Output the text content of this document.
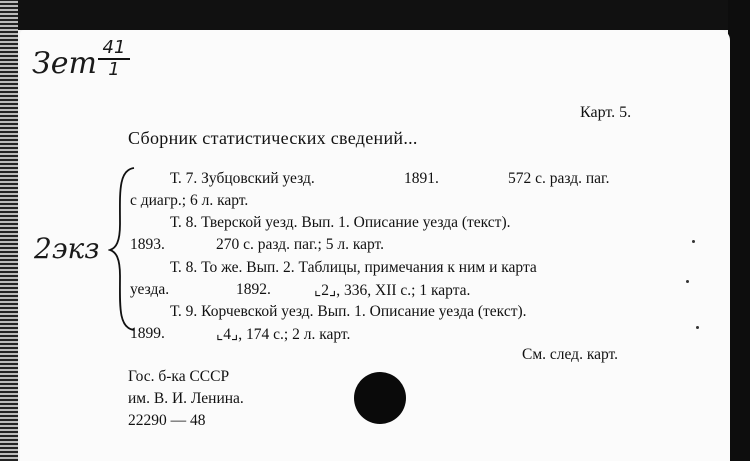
Зет $\frac{41}{1}$
Карт. 5.
Сборник статистических сведений...
2экз
Т. 7. Зубцовский уезд.	1891.	572 с. разд. паг.
с диагр.; 6 л. карт.
Т. 8. Тверской уезд. Вып. 1. Описание уезда (текст).
1893.	270 с. разд. паг.; 5 л. карт.
Т. 8. То же. Вып. 2. Таблицы, примечания к ним и карта
уезда.	1892.	⌞2⌟, 336, XII с.; 1 карта.
Т. 9. Корчевской уезд. Вып. 1. Описание уезда (текст).
1899.	⌞4⌟, 174 с.; 2 л. карт.
См. след. карт.
Гос. б-ка СССР
им. В. И. Ленина.
22290 — 48
